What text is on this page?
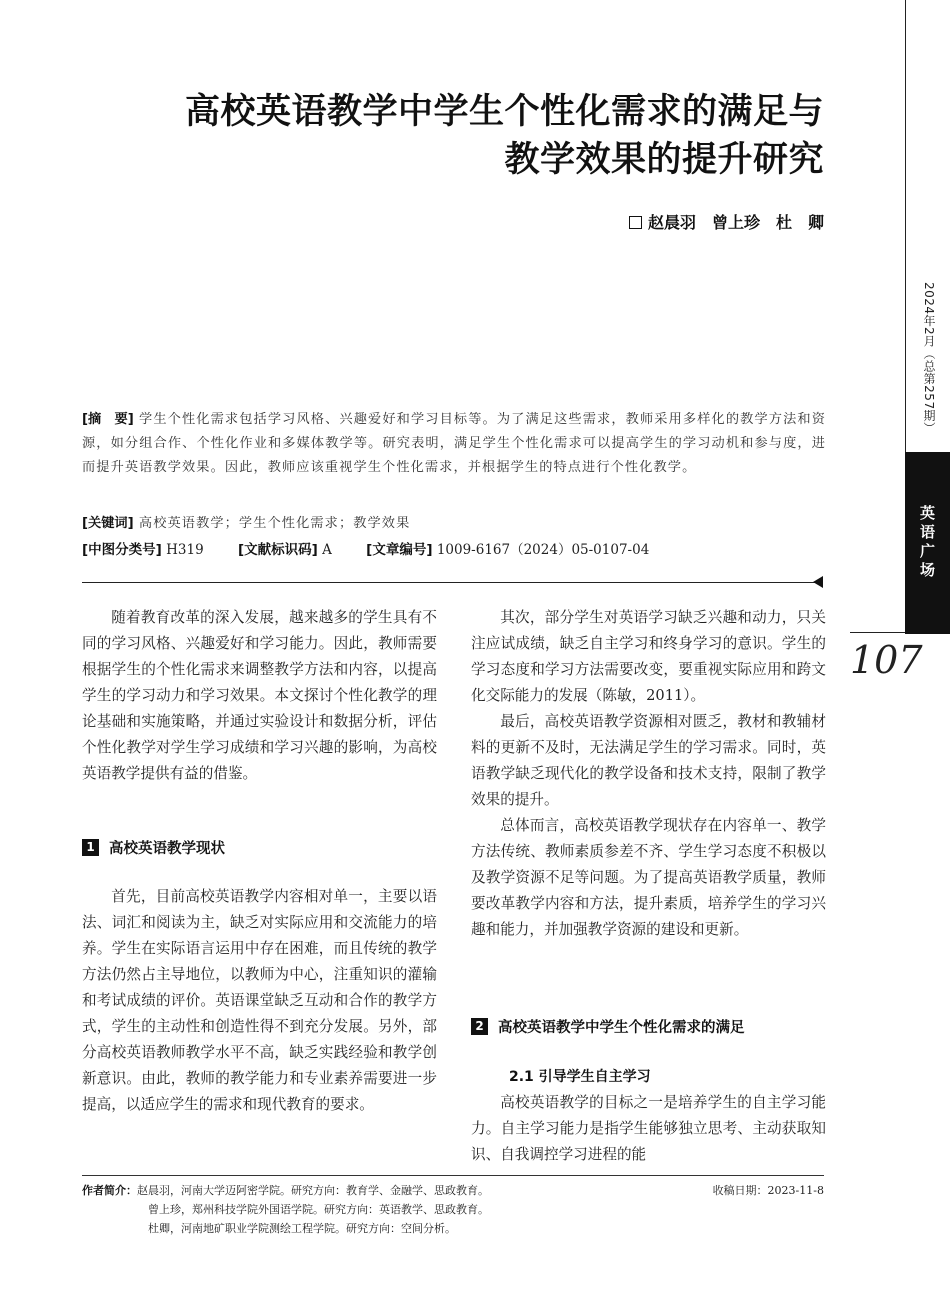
2024年2月（总第257期）
英语广场
107
高校英语教学中学生个性化需求的满足与
教学效果的提升研究
赵晨羽　曾上珍　杜　卿
[摘　要] 学生个性化需求包括学习风格、兴趣爱好和学习目标等。为了满足这些需求，教师采用多样化的教学方法和资源，如分组合作、个性化作业和多媒体教学等。研究表明，满足学生个性化需求可以提高学生的学习动机和参与度，进而提升英语教学效果。因此，教师应该重视学生个性化需求，并根据学生的特点进行个性化教学。
[关键词] 高校英语教学；学生个性化需求；教学效果
[中图分类号] H319	[文献标识码] A	[文章编号] 1009-6167（2024）05-0107-04

随着教育改革的深入发展，越来越多的学生具有不同的学习风格、兴趣爱好和学习能力。因此，教师需要根据学生的个性化需求来调整教学方法和内容，以提高学生的学习动力和学习效果。本文探讨个性化教学的理论基础和实施策略，并通过实验设计和数据分析，评估个性化教学对学生学习成绩和学习兴趣的影响，为高校英语教学提供有益的借鉴。

1 高校英语教学现状

首先，目前高校英语教学内容相对单一，主要以语法、词汇和阅读为主，缺乏对实际应用和交流能力的培养。学生在实际语言运用中存在困难，而且传统的教学方法仍然占主导地位，以教师为中心，注重知识的灌输和考试成绩的评价。英语课堂缺乏互动和合作的教学方式，学生的主动性和创造性得不到充分发展。另外，部分高校英语教师教学水平不高，缺乏实践经验和教学创新意识。由此，教师的教学能力和专业素养需要进一步提高，以适应学生的需求和现代教育的要求。

其次，部分学生对英语学习缺乏兴趣和动力，只关注应试成绩，缺乏自主学习和终身学习的意识。学生的学习态度和学习方法需要改变，要重视实际应用和跨文化交际能力的发展（陈敏，2011）。

最后，高校英语教学资源相对匮乏，教材和教辅材料的更新不及时，无法满足学生的学习需求。同时，英语教学缺乏现代化的教学设备和技术支持，限制了教学效果的提升。

总体而言，高校英语教学现状存在内容单一、教学方法传统、教师素质参差不齐、学生学习态度不积极以及教学资源不足等问题。为了提高英语教学质量，教师要改革教学内容和方法，提升素质，培养学生的学习兴趣和能力，并加强教学资源的建设和更新。

2 高校英语教学中学生个性化需求的满足
2.1 引导学生自主学习

高校英语教学的目标之一是培养学生的自主学习能力。自主学习能力是指学生能够独立思考、主动获取知识、自我调控学习进程的能

作者简介：赵晨羽，河南大学迈阿密学院。研究方向：教育学、金融学、思政教育。
曾上珍，郑州科技学院外国语学院。研究方向：英语教学、思政教育。
杜卿，河南地矿职业学院测绘工程学院。研究方向：空间分析。
收稿日期：2023-11-8
